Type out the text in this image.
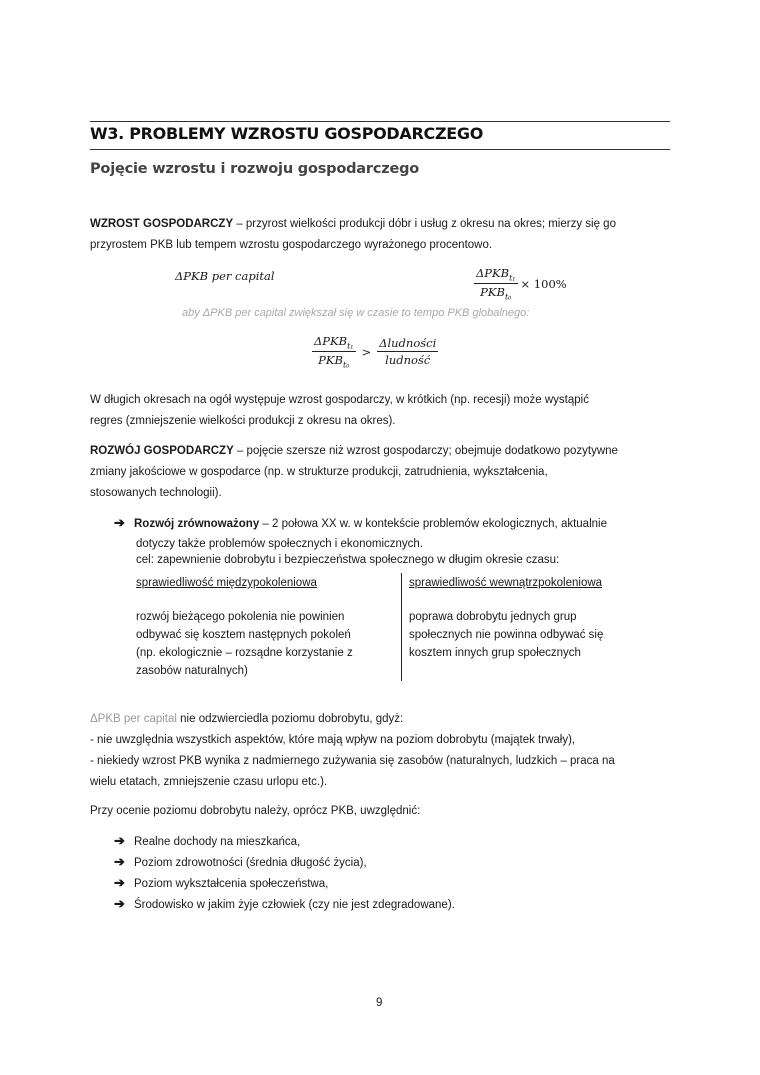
W3. PROBLEMY WZROSTU GOSPODARCZEGO
Pojęcie wzrostu i rozwoju gospodarczego
WZROST GOSPODARCZY – przyrost wielkości produkcji dóbr i usług z okresu na okres; mierzy się go
przyrostem PKB lub tempem wzrostu gospodarczego wyrażonego procentowo.
ΔPKB per capital	$\frac{\Delta PKB_{t_1}}{PKB_{t_0}} \times 100\%$
aby ΔPKB per capital zwiększał się w czasie to tempo PKB globalnego:
$\frac{\Delta PKB_{t_1}}{PKB_{t_0}} > \frac{\text{Δludności}}{\text{ludność}}$
W długich okresach na ogół występuje wzrost gospodarczy, w krótkich (np. recesji) może wystąpić
regres (zmniejszenie wielkości produkcji z okresu na okres).
ROZWÓJ GOSPODARCZY – pojęcie szersze niż wzrost gospodarczy; obejmuje dodatkowo pozytywne
zmiany jakościowe w gospodarce (np. w strukturze produkcji, zatrudnienia, wykształcenia,
stosowanych technologii).
➔ Rozwój zrównoważony – 2 połowa XX w. w kontekście problemów ekologicznych, aktualnie
dotyczy także problemów społecznych i ekonomicznych.
cel: zapewnienie dobrobytu i bezpieczeństwa społecznego w długim okresie czasu:
sprawiedliwość międzypokoleniowa	sprawiedliwość wewnątrzpokoleniowa
rozwój bieżącego pokolenia nie powinien
odbywać się kosztem następnych pokoleń
(np. ekologicznie – rozsądne korzystanie z
zasobów naturalnych)
poprawa dobrobytu jednych grup
społecznych nie powinna odbywać się
kosztem innych grup społecznych
ΔPKB per capital nie odzwierciedla poziomu dobrobytu, gdyż:
- nie uwzględnia wszystkich aspektów, które mają wpływ na poziom dobrobytu (majątek trwały),
- niekiedy wzrost PKB wynika z nadmiernego zużywania się zasobów (naturalnych, ludzkich – praca na
wielu etatach, zmniejszenie czasu urlopu etc.).
Przy ocenie poziomu dobrobytu należy, oprócz PKB, uwzględnić:
➔ Realne dochody na mieszkańca,
➔ Poziom zdrowotności (średnia długość życia),
➔ Poziom wykształcenia społeczeństwa,
➔ Środowisko w jakim żyje człowiek (czy nie jest zdegradowane).
9
